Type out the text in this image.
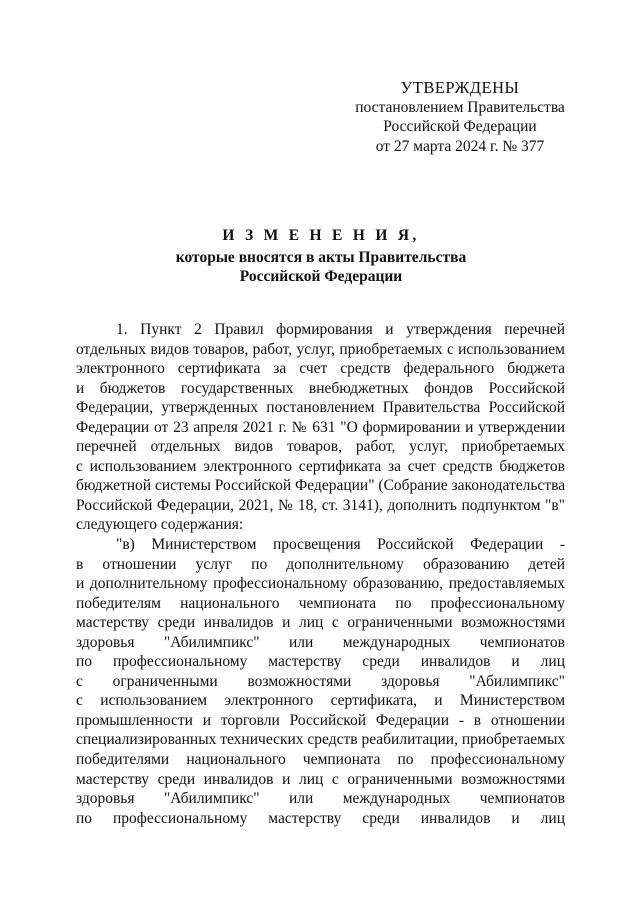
УТВЕРЖДЕНЫ
постановлением Правительства
Российской Федерации
от 27 марта 2024 г. № 377
И З М Е Н Е Н И Я,
которые вносятся в акты Правительства
Российской Федерации
1. Пункт 2 Правил формирования и утверждения перечней
отдельных видов товаров, работ, услуг, приобретаемых с использованием
электронного сертификата за счет средств федерального бюджета
и бюджетов государственных внебюджетных фондов Российской
Федерации, утвержденных постановлением Правительства Российской
Федерации от 23 апреля 2021 г. № 631 "О формировании и утверждении
перечней отдельных видов товаров, работ, услуг, приобретаемых
с использованием электронного сертификата за счет средств бюджетов
бюджетной системы Российской Федерации" (Собрание законодательства
Российской Федерации, 2021, № 18, ст. 3141), дополнить подпунктом "в"
следующего содержания:
"в) Министерством просвещения Российской Федерации -
в отношении услуг по дополнительному образованию детей
и дополнительному профессиональному образованию, предоставляемых
победителям национального чемпионата по профессиональному
мастерству среди инвалидов и лиц с ограниченными возможностями
здоровья "Абилимпикс" или международных чемпионатов
по профессиональному мастерству среди инвалидов и лиц
с ограниченными возможностями здоровья "Абилимпикс"
с использованием электронного сертификата, и Министерством
промышленности и торговли Российской Федерации - в отношении
специализированных технических средств реабилитации, приобретаемых
победителями национального чемпионата по профессиональному
мастерству среди инвалидов и лиц с ограниченными возможностями
здоровья "Абилимпикс" или международных чемпионатов
по профессиональному мастерству среди инвалидов и лиц
